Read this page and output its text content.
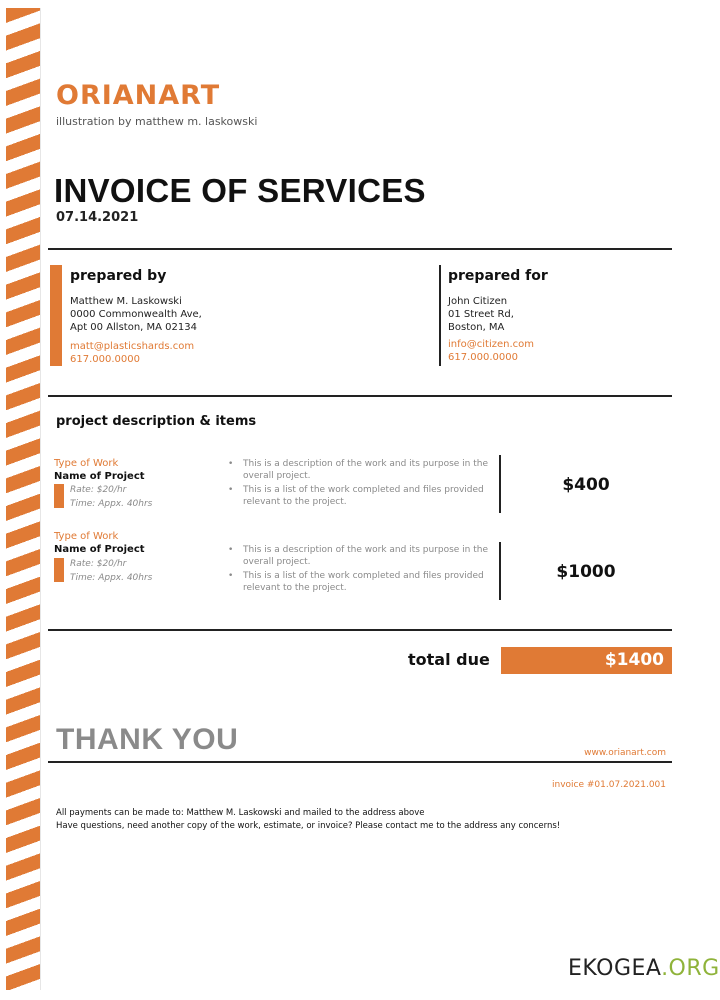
ORIANART
illustration by matthew m. laskowski
INVOICE OF SERVICES
07.14.2021
prepared by
Matthew M. Laskowski
0000 Commonwealth Ave,
Apt 00 Allston, MA 02134
matt@plasticshards.com
617.000.0000
prepared for
John Citizen
01 Street Rd,
Boston, MA
info@citizen.com
617.000.0000
project description & items
Type of Work
Name of Project
Rate: $20/hr
Time: Appx. 40hrs
• This is a description of the work and its purpose in the overall project.
• This is a list of the work completed and files provided relevant to the project.
$400
Type of Work
Name of Project
Rate: $20/hr
Time: Appx. 40hrs
• This is a description of the work and its purpose in the overall project.
• This is a list of the work completed and files provided relevant to the project.
$1000
total due	$1400
THANK YOU	www.orianart.com
invoice #01.07.2021.001
All payments can be made to: Matthew M. Laskowski and mailed to the address above
Have questions, need another copy of the work, estimate, or invoice? Please contact me to the address any concerns!
EKOGEA.ORG
